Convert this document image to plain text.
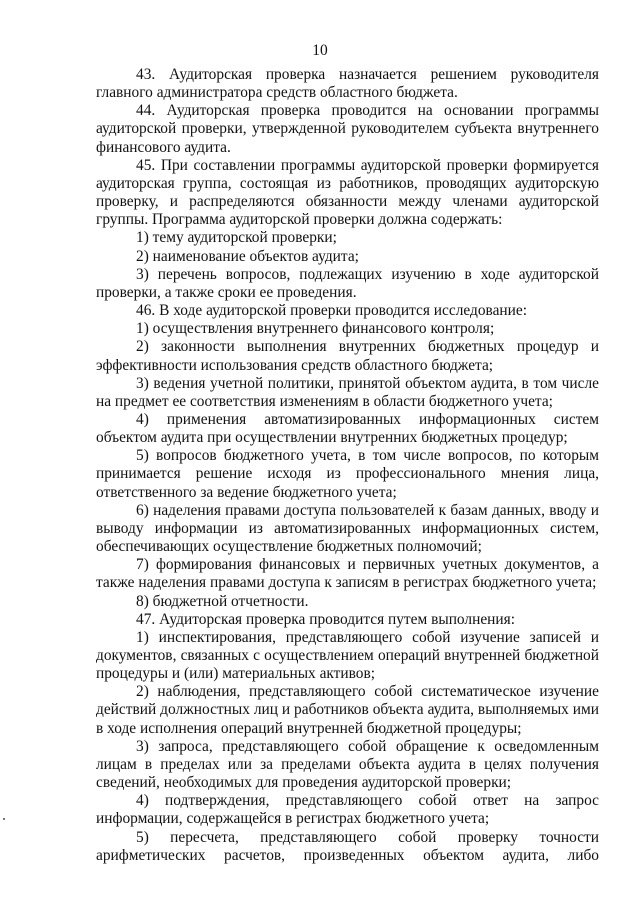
10

43. Аудиторская проверка назначается решением руководителя главного администратора средств областного бюджета.

44. Аудиторская проверка проводится на основании программы аудиторской проверки, утвержденной руководителем субъекта внутреннего финансового аудита.

45. При составлении программы аудиторской проверки формируется аудиторская группа, состоящая из работников, проводящих аудиторскую проверку, и распределяются обязанности между членами аудиторской группы. Программа аудиторской проверки должна содержать:

1) тему аудиторской проверки;

2) наименование объектов аудита;

3) перечень вопросов, подлежащих изучению в ходе аудиторской проверки, а также сроки ее проведения.

46. В ходе аудиторской проверки проводится исследование:

1) осуществления внутреннего финансового контроля;

2) законности выполнения внутренних бюджетных процедур и эффективности использования средств областного бюджета;

3) ведения учетной политики, принятой объектом аудита, в том числе на предмет ее соответствия изменениям в области бюджетного учета;

4) применения автоматизированных информационных систем объектом аудита при осуществлении внутренних бюджетных процедур;

5) вопросов бюджетного учета, в том числе вопросов, по которым принимается решение исходя из профессионального мнения лица, ответственного за ведение бюджетного учета;

6) наделения правами доступа пользователей к базам данных, вводу и выводу информации из автоматизированных информационных систем, обеспечивающих осуществление бюджетных полномочий;

7) формирования финансовых и первичных учетных документов, а также наделения правами доступа к записям в регистрах бюджетного учета;

8) бюджетной отчетности.

47. Аудиторская проверка проводится путем выполнения:

1) инспектирования, представляющего собой изучение записей и документов, связанных с осуществлением операций внутренней бюджетной процедуры и (или) материальных активов;

2) наблюдения, представляющего собой систематическое изучение действий должностных лиц и работников объекта аудита, выполняемых ими в ходе исполнения операций внутренней бюджетной процедуры;

3) запроса, представляющего собой обращение к осведомленным лицам в пределах или за пределами объекта аудита в целях получения сведений, необходимых для проведения аудиторской проверки;

4) подтверждения, представляющего собой ответ на запрос информации, содержащейся в регистрах бюджетного учета;

5) пересчета, представляющего собой проверку точности арифметических расчетов, произведенных объектом аудита, либо
